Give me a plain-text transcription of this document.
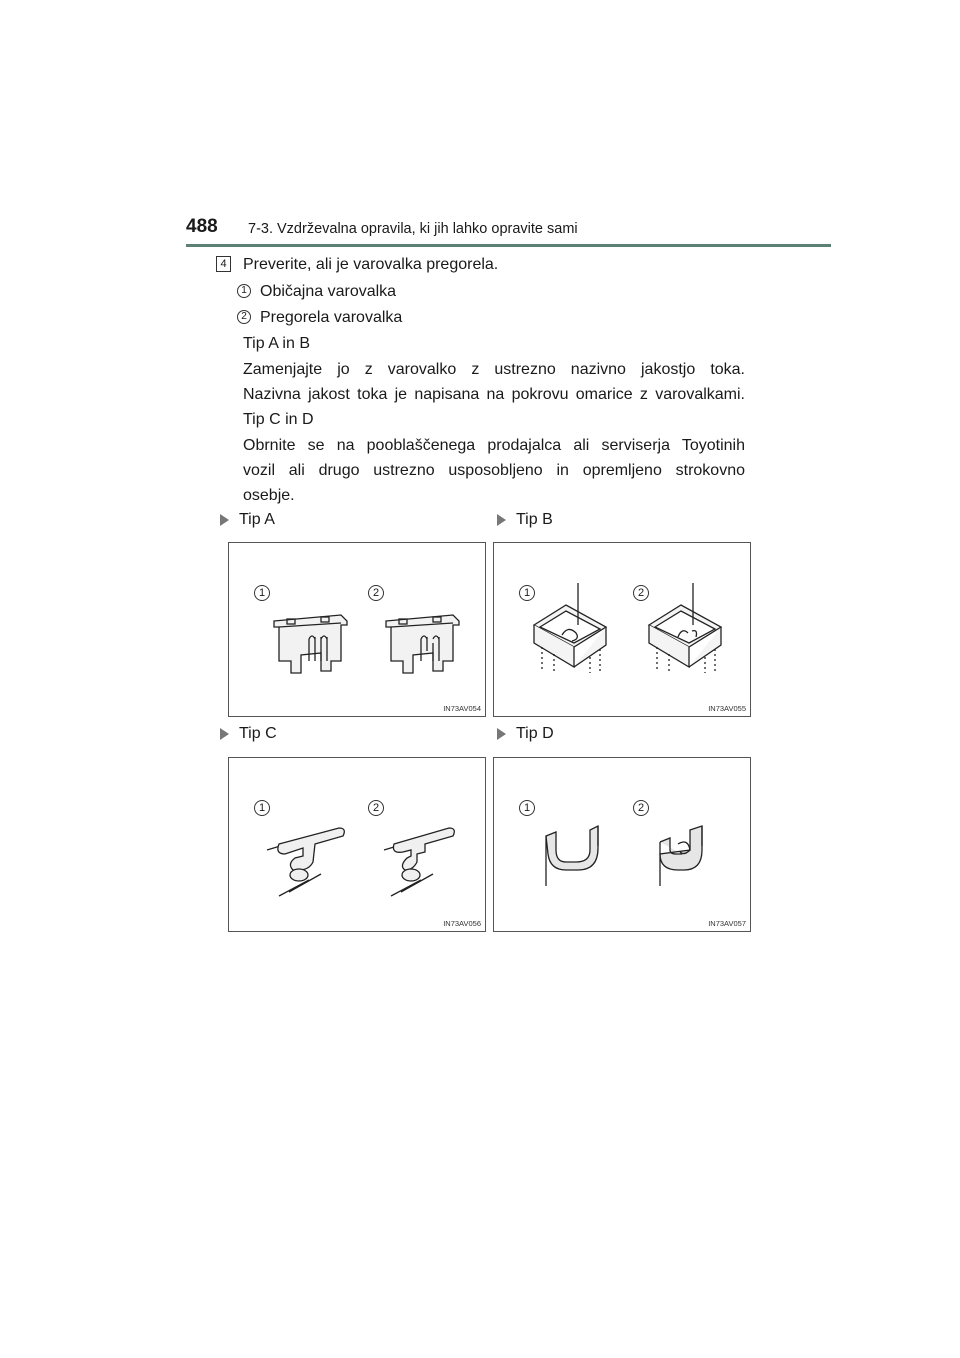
488 7-3. Vzdrževalna opravila, ki jih lahko opravite sami
4 Preverite, ali je varovalka pregorela.
1 Običajna varovalka
2 Pregorela varovalka
Tip A in B
Zamenjajte jo z varovalko z ustrezno nazivno jakostjo toka.
Nazivna jakost toka je napisana na pokrovu omarice z varovalkami.
Tip C in D
Obrnite se na pooblaščenega prodajalca ali serviserja Toyotinih
vozil ali drugo ustrezno usposobljeno in opremljeno strokovno
osebje.
Tip A	Tip B
Tip C	Tip D
1	2
IN73AV054
1	2
IN73AV055
1	2
IN73AV056
1	2
IN73AV057
